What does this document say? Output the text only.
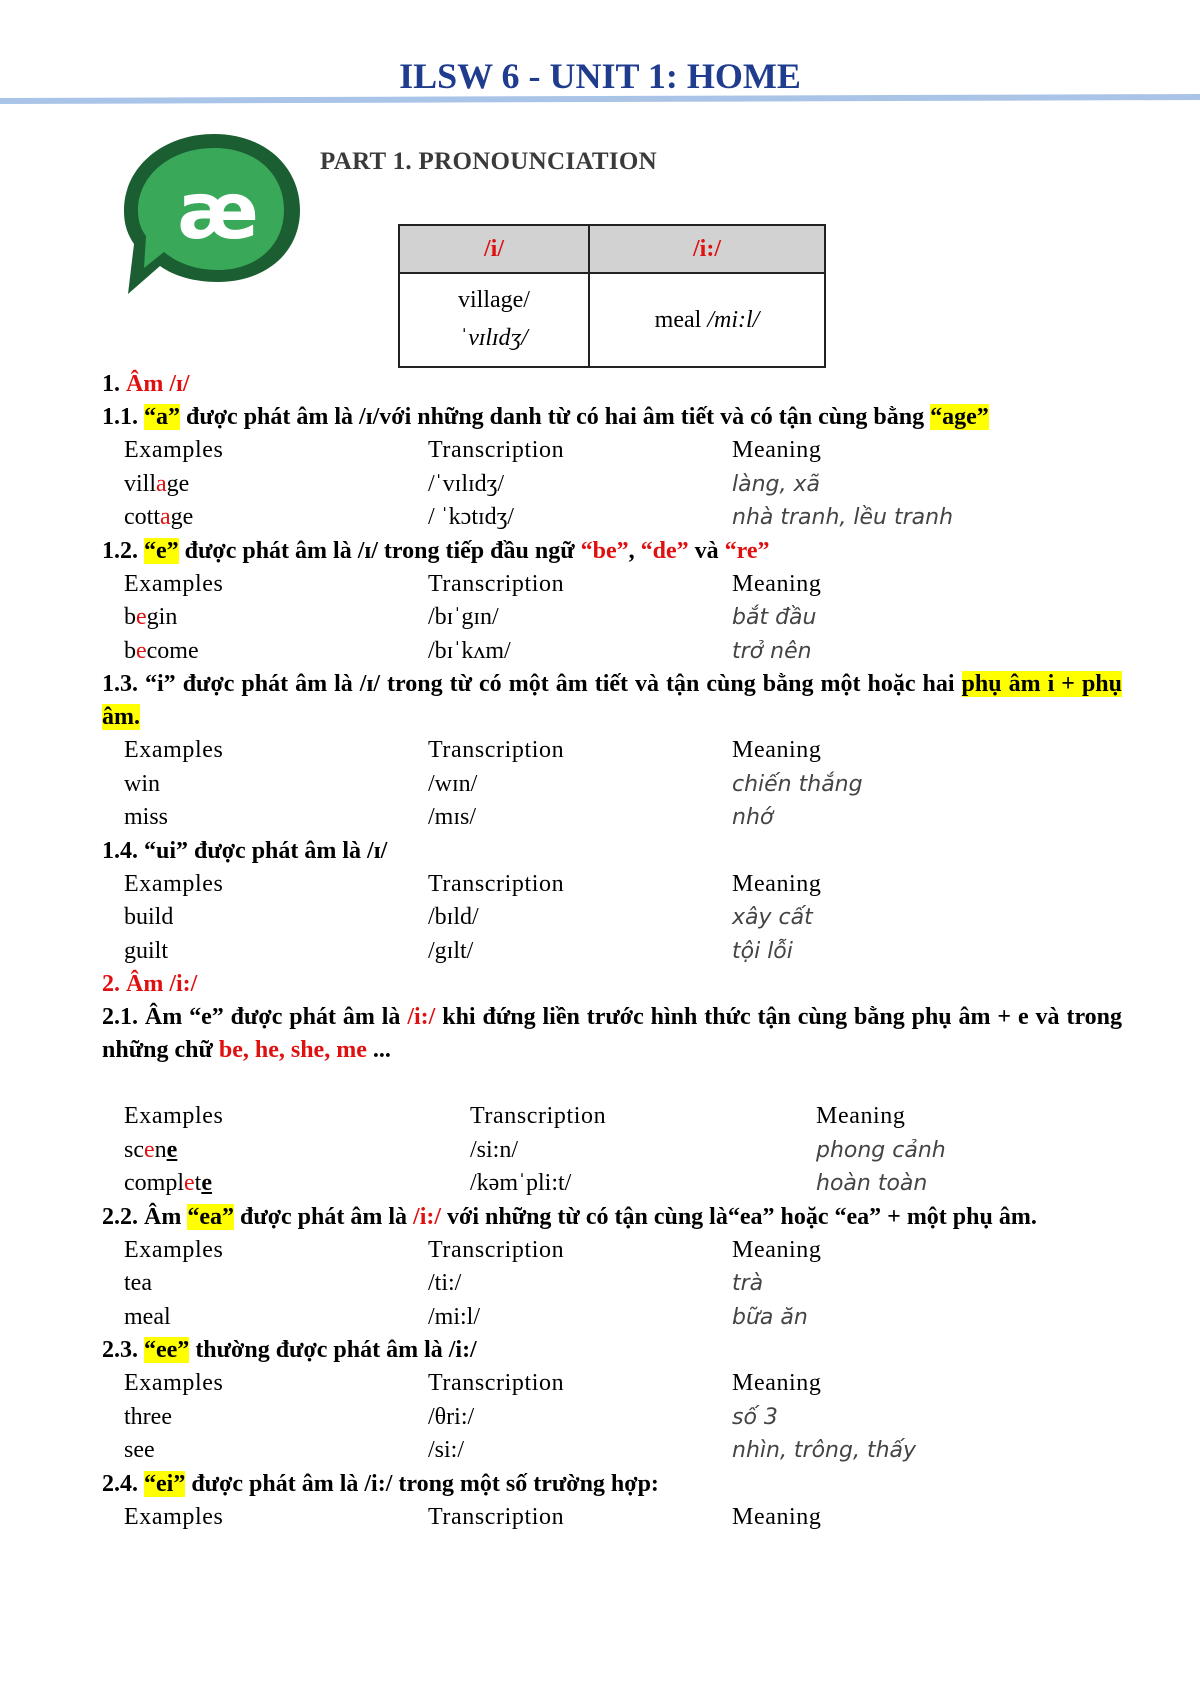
ILSW 6 - UNIT 1: HOME
æ
PART 1. PRONOUNCIATION
/i/	/i:/

village/
ˈvɪlɪdʒ/	meal /mi:l/
1. Âm /ɪ/
1.1. “a” được phát âm là /ɪ/với những danh từ có hai âm tiết và có tận cùng bằng “age”
Examples	Transcription	Meaning
village	/ˈvɪlɪdʒ/	làng, xã
cottage	/ ˈkɔtɪdʒ/	nhà tranh, lều tranh
1.2. “e” được phát âm là /ɪ/ trong tiếp đầu ngữ “be”, “de” và “re”
Examples	Transcription	Meaning
begin	/bɪˈgɪn/	bắt đầu
become	/bɪˈkʌm/	trở nên
1.3. “i” được phát âm là /ɪ/ trong từ có một âm tiết và tận cùng bằng một hoặc hai phụ âm i + phụ âm.
Examples	Transcription	Meaning
win	/wɪn/	chiến thắng
miss	/mɪs/	nhớ
1.4. “ui” được phát âm là /ɪ/
Examples	Transcription	Meaning
build	/bɪld/	xây cất
guilt	/gɪlt/	tội lỗi
2. Âm /i:/
2.1. Âm “e” được phát âm là /i:/ khi đứng liền trước hình thức tận cùng bằng phụ âm + e và trong những chữ be, he, she, me ...
Examples	Transcription	Meaning
scene	/si:n/	phong cảnh
complete	/kəmˈpli:t/	hoàn toàn
2.2. Âm “ea” được phát âm là /i:/ với những từ có tận cùng là“ea” hoặc “ea” + một phụ âm.
Examples	Transcription	Meaning
tea	/ti:/	trà
meal	/mi:l/	bữa ăn
2.3. “ee” thường được phát âm là /i:/
Examples	Transcription	Meaning
three	/θri:/	số 3
see	/si:/	nhìn, trông, thấy
2.4. “ei” được phát âm là /i:/ trong một số trường hợp:
Examples	Transcription	Meaning
